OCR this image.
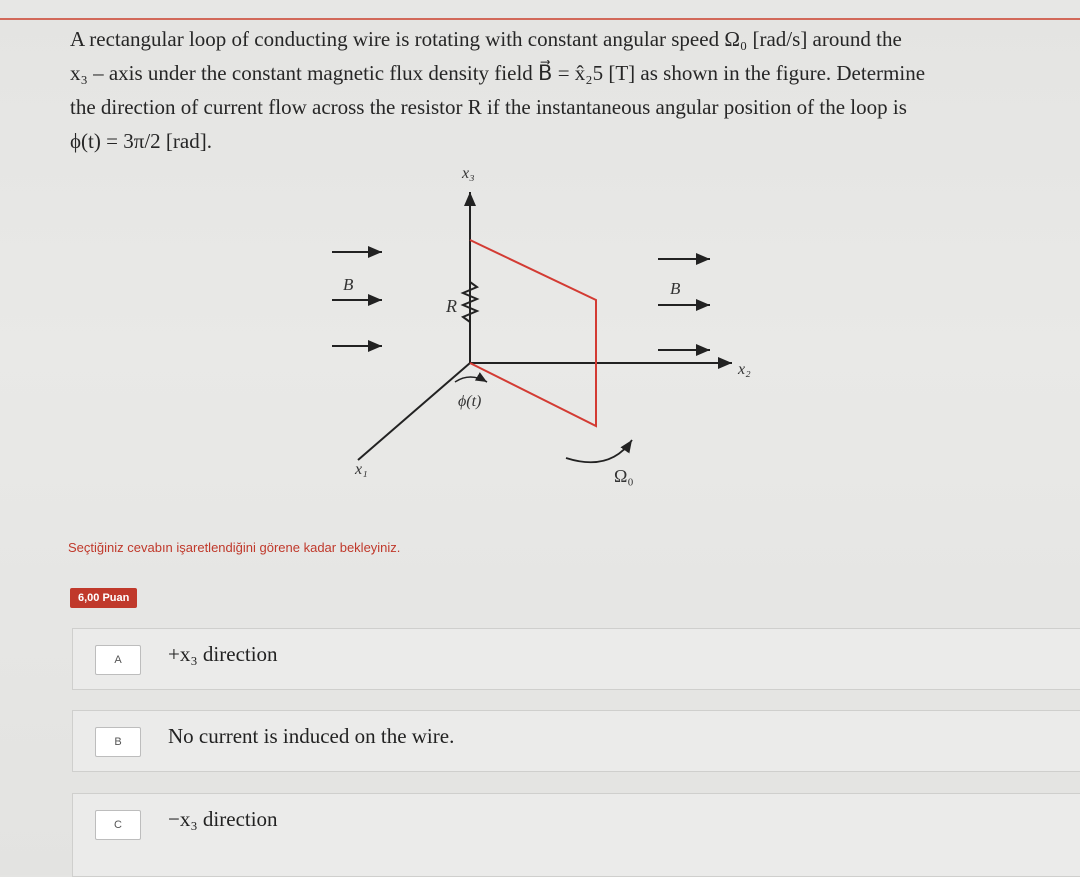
A rectangular loop of conducting wire is rotating with constant angular speed Ω₀ [rad/s] around the
x₃ – axis under the constant magnetic flux density field B⃗ = x̂₂5 [T] as shown in the figure. Determine
the direction of current flow across the resistor R if the instantaneous angular position of the loop is
ϕ(t) = 3π/2 [rad].
x₃
x₂
x₁
B⃗	B⃗
R
ϕ(t)
Ω₀
Seçtiğiniz cevabın işaretlendiğini görene kadar bekleyiniz.
6,00 Puan
A	+x₃ direction
B	No current is induced on the wire.
C	−x₃ direction
